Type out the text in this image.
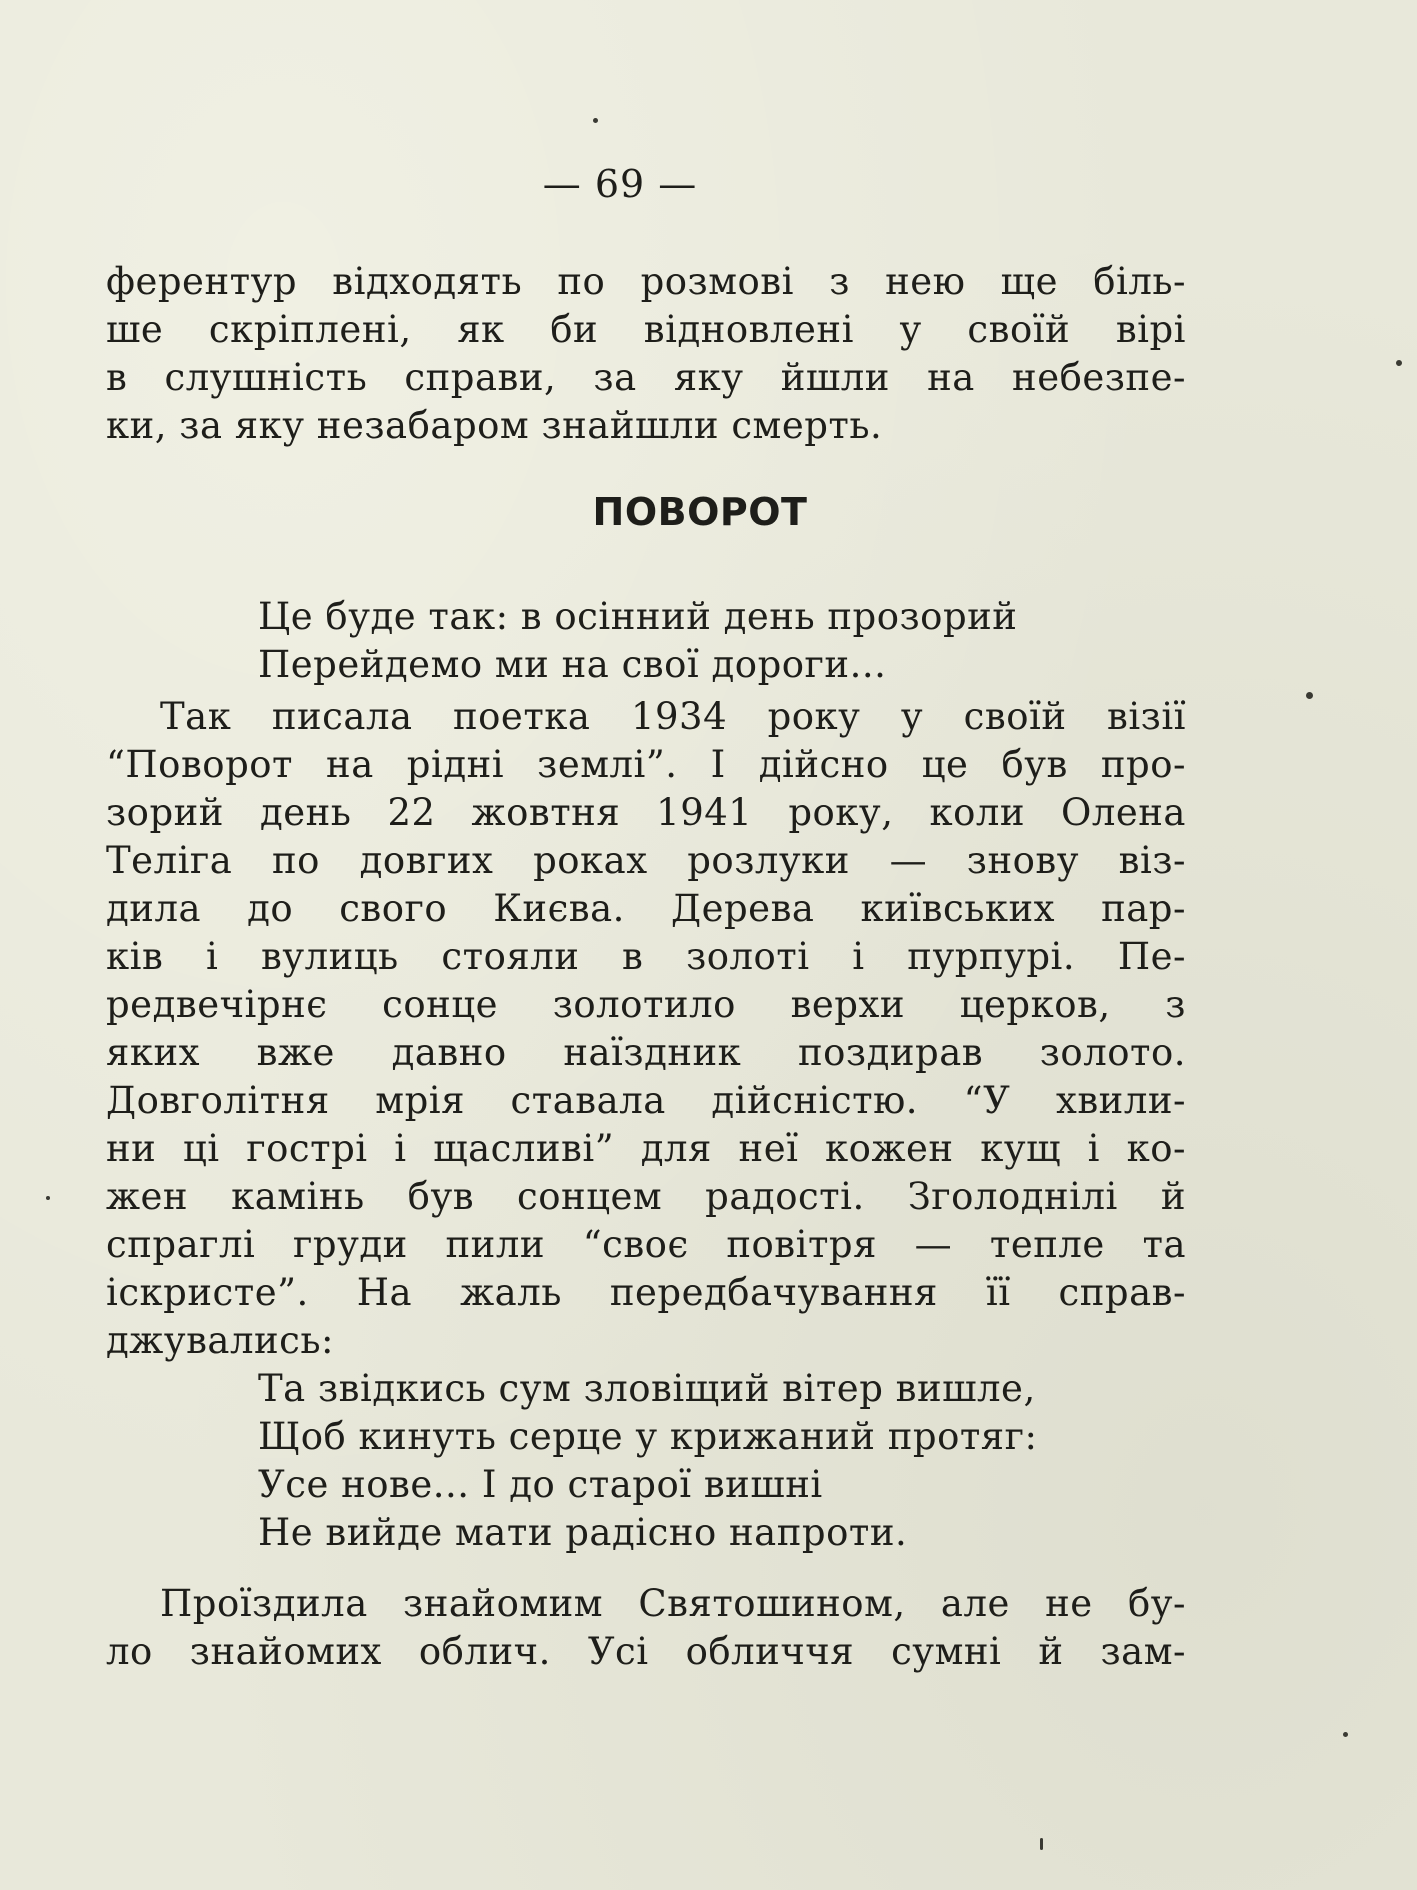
— 69 —
ферентур відходять по розмові з нею ще біль-
ше скріплені, як би відновлені у своїй вірі
в слушність справи, за яку йшли на небезпе-
ки, за яку незабаром знайшли смерть.
ПОВОРОТ
Це буде так: в осінний день прозорий
Перейдемо ми на свої дороги...
Так писала поетка 1934 року у своїй візії
“Поворот на рідні землі”. І дійсно це був про-
зорий день 22 жовтня 1941 року, коли Олена
Теліга по довгих роках розлуки — знову віз-
дила до свого Києва. Дерева київських пар-
ків і вулиць стояли в золоті і пурпурі. Пе-
редвечірнє сонце золотило верхи церков, з
яких вже давно наїздник поздирав золото.
Довголітня мрія ставала дійсністю. “У хвили-
ни ці гострі і щасливі” для неї кожен кущ і ко-
жен камінь був сонцем радості. Зголоднілі й
спраглі груди пили “своє повітря — тепле та
іскристе”. На жаль передбачування її справ-
джувались:
Та звідкись сум зловіщий вітер вишле,
Щоб кинуть серце у крижаний протяг:
Усе нове... І до старої вишні
Не вийде мати радісно напроти.
Проїздила знайомим Святошином, але не бу-
ло знайомих облич. Усі обличчя сумні й зам-
